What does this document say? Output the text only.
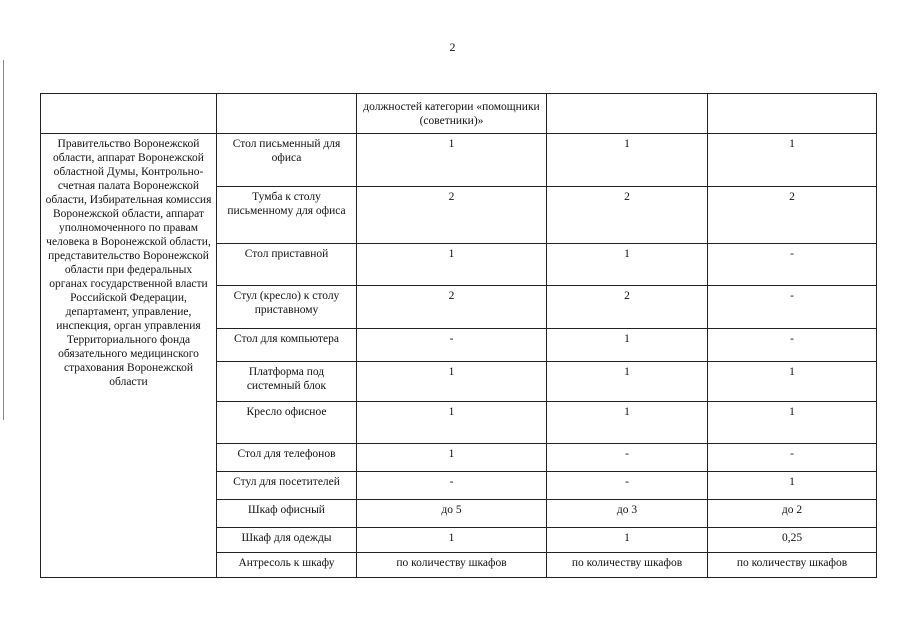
2
		должностей категории «помощники (советники)»		
Правительство Воронежской области, аппарат Воронежской областной Думы, Контрольно-счетная палата Воронежской области, Избирательная комиссия Воронежской области, аппарат уполномоченного по правам человека в Воронежской области, представительство Воронежской области при федеральных органах государственной власти Российской Федерации, департамент, управление, инспекция, орган управления Территориального фонда обязательного медицинского страхования Воронежской области	Стол письменный для офиса	1	1	1
	Тумба к столу письменному для офиса	2	2	2
	Стол приставной	1	1	-
	Стул (кресло) к столу приставному	2	2	-
	Стол для компьютера	-	1	-
	Платформа под системный блок	1	1	1
	Кресло офисное	1	1	1
	Стол для телефонов	1	-	-
	Стул для посетителей	-	-	1
	Шкаф офисный	до 5	до 3	до 2
	Шкаф для одежды	1	1	0,25
	Антресоль к шкафу	по количеству шкафов	по количеству шкафов	по количеству шкафов
